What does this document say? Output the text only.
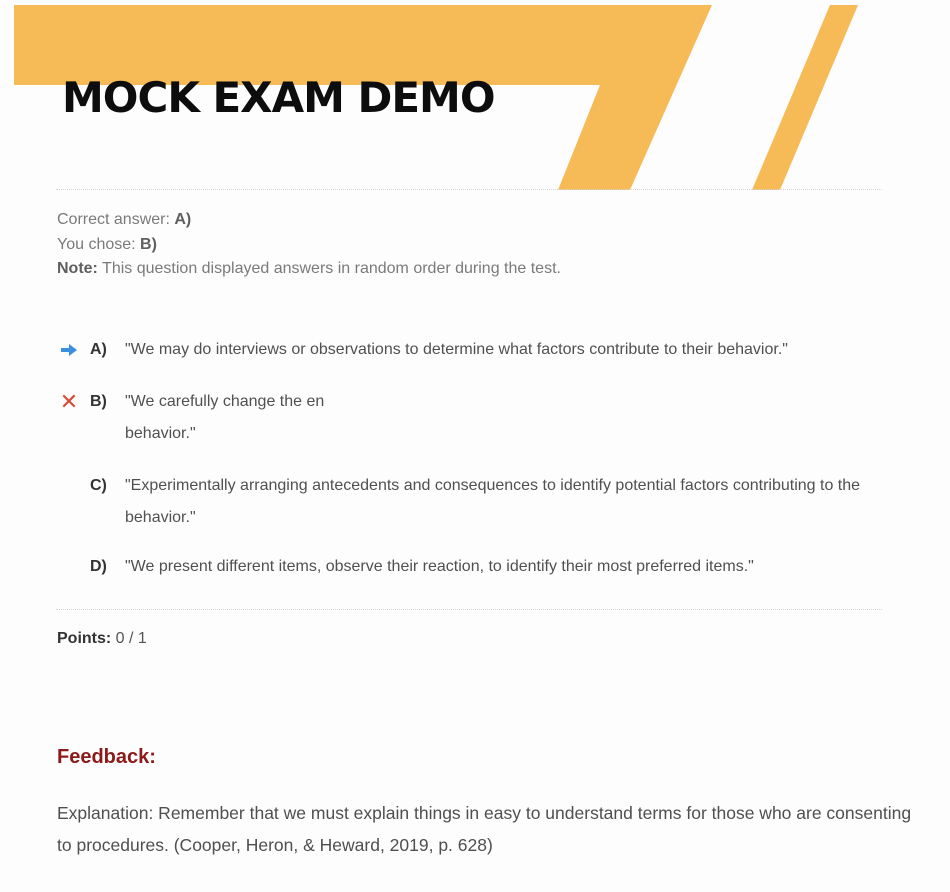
MOCK EXAM DEMO
Correct answer: A)
You chose: B)
Note: This question displayed answers in random order during the test.
A) "We may do interviews or observations to determine what factors contribute to their behavior."
✕ B) "We carefully change the en
behavior."
C) "Experimentally arranging antecedents and consequences to identify potential factors contributing to the behavior."
D) "We present different items, observe their reaction, to identify their most preferred items."
Points: 0 / 1
Feedback:
Explanation: Remember that we must explain things in easy to understand terms for those who are consenting to procedures. (Cooper, Heron, & Heward, 2019, p. 628)
